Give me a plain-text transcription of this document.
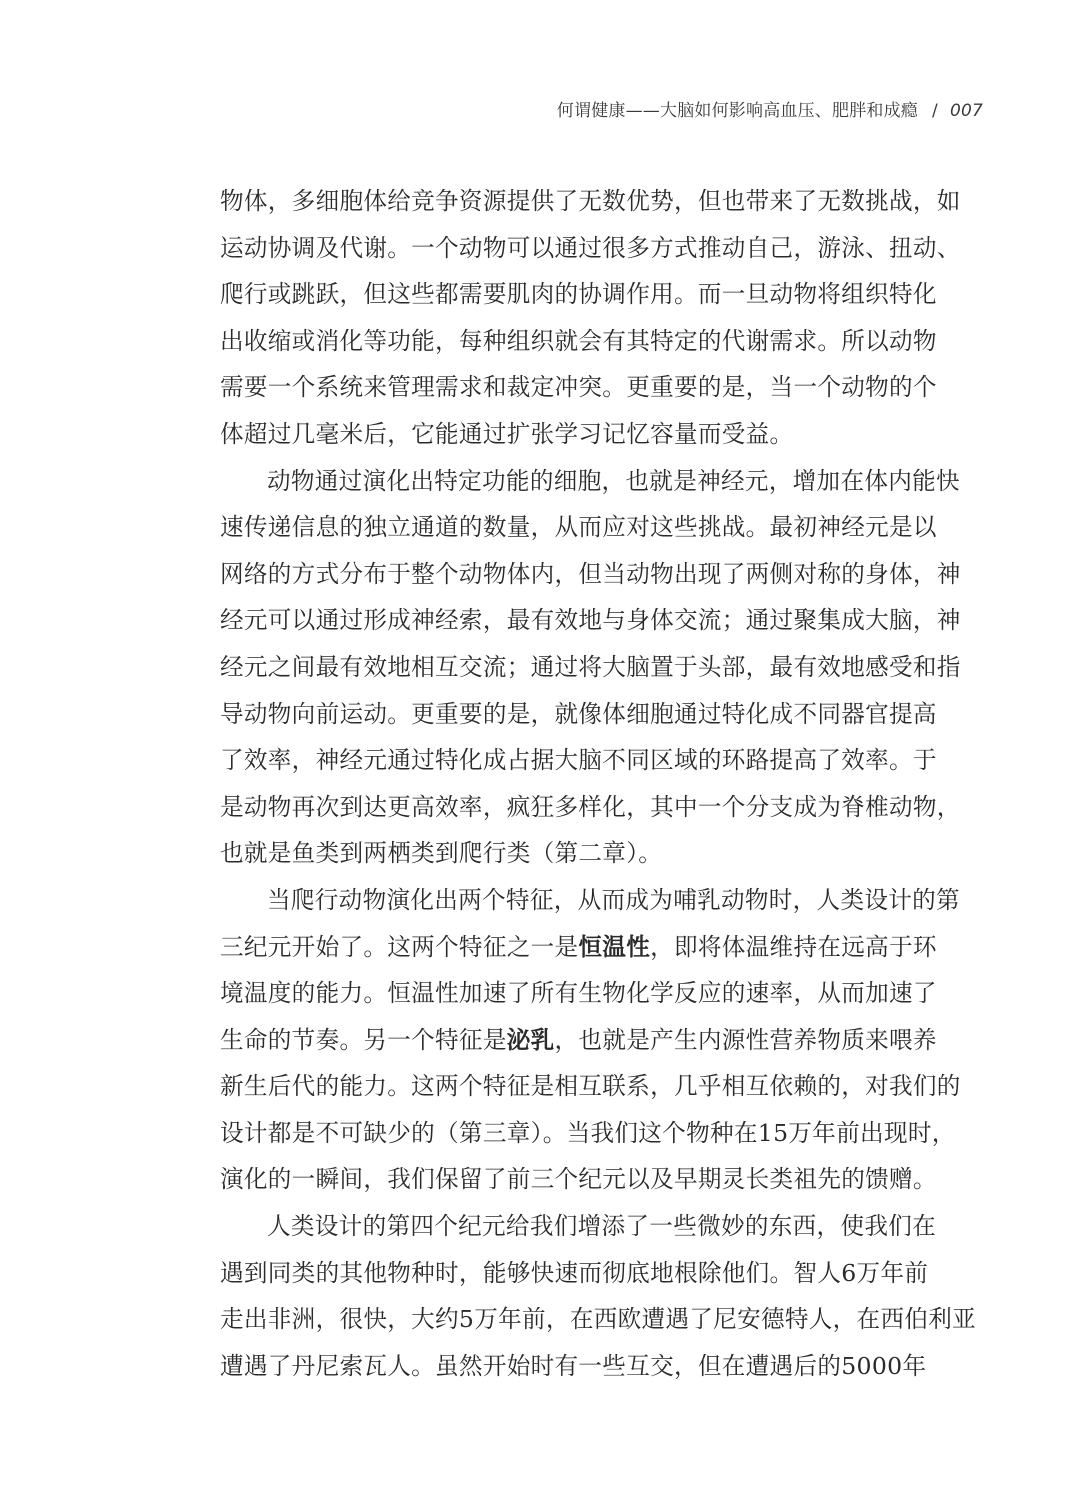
何谓健康——大脑如何影响高血压、肥胖和成瘾 / 007
物体，多细胞体给竞争资源提供了无数优势，但也带来了无数挑战，如
运动协调及代谢。一个动物可以通过很多方式推动自己，游泳、扭动、
爬行或跳跃，但这些都需要肌肉的协调作用。而一旦动物将组织特化
出收缩或消化等功能，每种组织就会有其特定的代谢需求。所以动物
需要一个系统来管理需求和裁定冲突。更重要的是，当一个动物的个
体超过几毫米后，它能通过扩张学习记忆容量而受益。
动物通过演化出特定功能的细胞，也就是神经元，增加在体内能快
速传递信息的独立通道的数量，从而应对这些挑战。最初神经元是以
网络的方式分布于整个动物体内，但当动物出现了两侧对称的身体，神
经元可以通过形成神经索，最有效地与身体交流；通过聚集成大脑，神
经元之间最有效地相互交流；通过将大脑置于头部，最有效地感受和指
导动物向前运动。更重要的是，就像体细胞通过特化成不同器官提高
了效率，神经元通过特化成占据大脑不同区域的环路提高了效率。于
是动物再次到达更高效率，疯狂多样化，其中一个分支成为脊椎动物，
也就是鱼类到两栖类到爬行类（第二章）。
当爬行动物演化出两个特征，从而成为哺乳动物时，人类设计的第
三纪元开始了。这两个特征之一是恒温性，即将体温维持在远高于环
境温度的能力。恒温性加速了所有生物化学反应的速率，从而加速了
生命的节奏。另一个特征是泌乳，也就是产生内源性营养物质来喂养
新生后代的能力。这两个特征是相互联系，几乎相互依赖的，对我们的
设计都是不可缺少的（第三章）。当我们这个物种在15万年前出现时，
演化的一瞬间，我们保留了前三个纪元以及早期灵长类祖先的馈赠。
人类设计的第四个纪元给我们增添了一些微妙的东西，使我们在
遇到同类的其他物种时，能够快速而彻底地根除他们。智人6万年前
走出非洲，很快，大约5万年前，在西欧遭遇了尼安德特人，在西伯利亚
遭遇了丹尼索瓦人。虽然开始时有一些互交，但在遭遇后的5000年
